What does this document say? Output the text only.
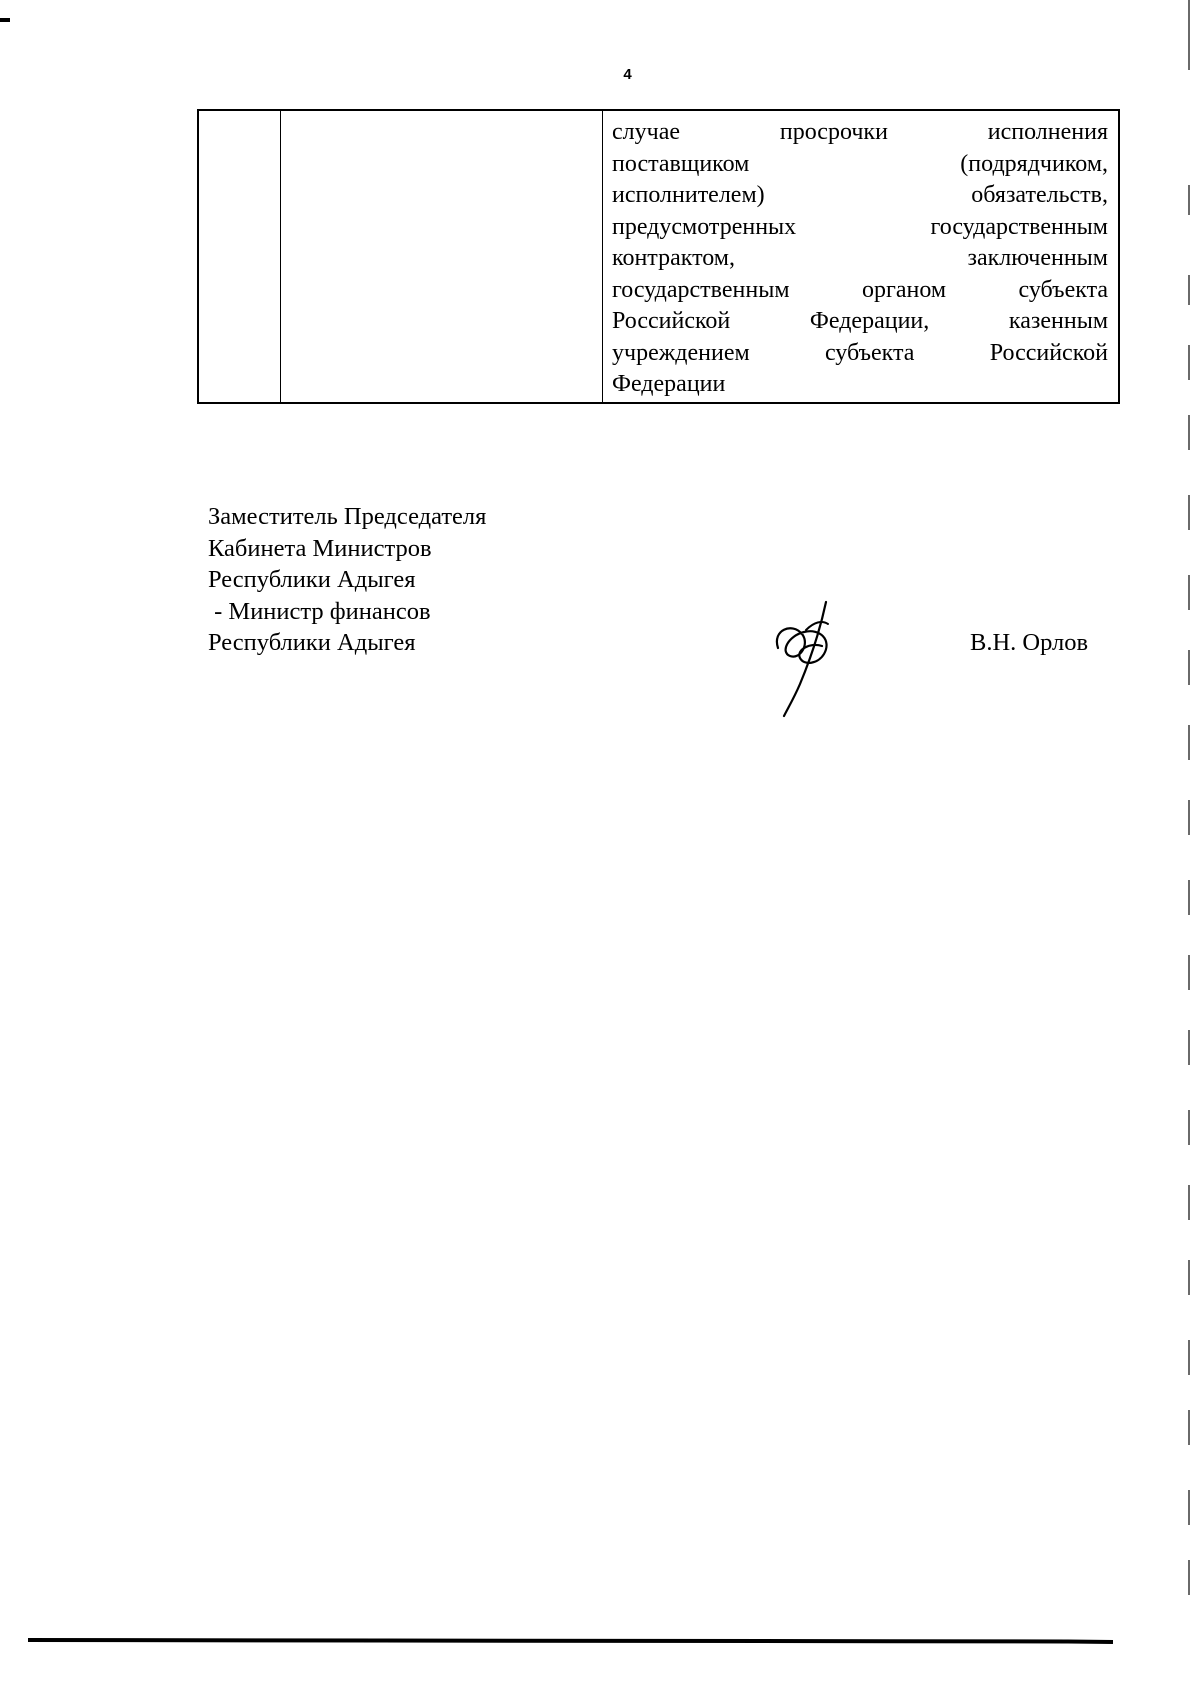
4
случае просрочки исполнения
поставщиком (подрядчиком,
исполнителем) обязательств,
предусмотренных государственным
контрактом, заключенным
государственным органом субъекта
Российской Федерации, казенным
учреждением субъекта Российской
Федерации
Заместитель Председателя
Кабинета Министров
Республики Адыгея
- Министр финансов
Республики Адыгея	В.Н. Орлов
